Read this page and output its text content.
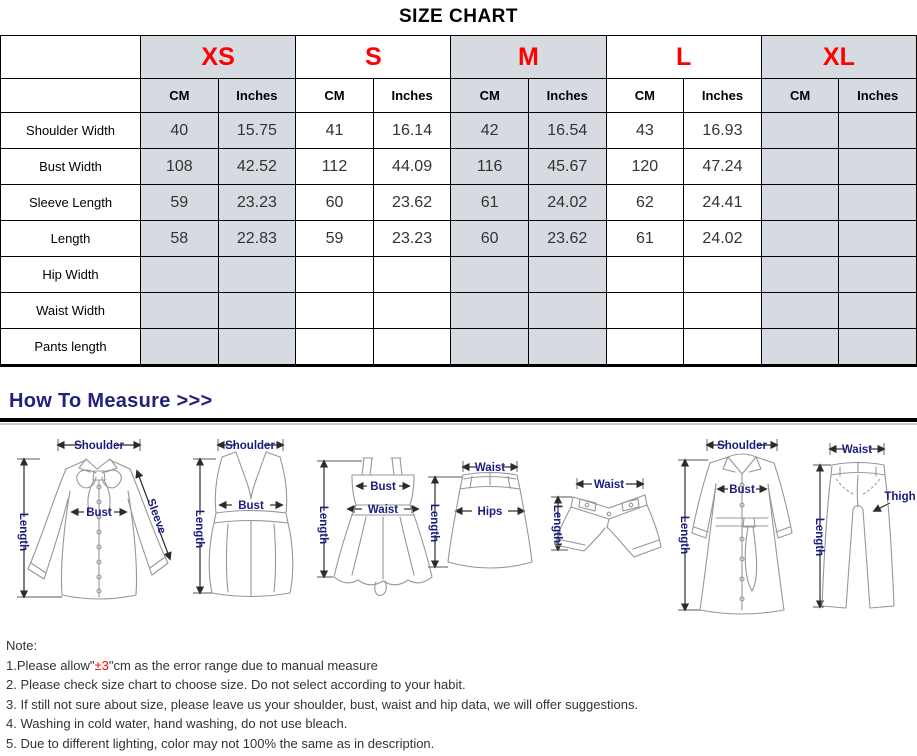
SIZE CHART
	XS		S		M		L		XL	
	CM	Inches	CM	Inches	CM	Inches	CM	Inches	CM	Inches
Shoulder Width	40	15.75	41	16.14	42	16.54	43	16.93		
Bust Width	108	42.52	112	44.09	116	45.67	120	47.24		
Sleeve Length	59	23.23	60	23.62	61	24.02	62	24.41		
Length	58	22.83	59	23.23	60	23.62	61	24.02		
Hip Width										
Waist Width										
Pants length										
How To Measure >>>
Shoulder
Length	Bust	Sleeve
Shoulder
Length
Bust
Bust
Waist
Length
Waist
Hips
Length
Waist
Length
Shoulder
Bust
Length
Waist
Thigh
Length
Note:
1.Please allow"±3"cm as the error range due to manual measure
2. Please check size chart to choose size. Do not select according to your habit.
3. If still not sure about size, please leave us your shoulder, bust, waist and hip data, we will offer suggestions.
4. Washing in cold water, hand washing, do not use bleach.
5. Due to different lighting, color may not 100% the same as in description.
